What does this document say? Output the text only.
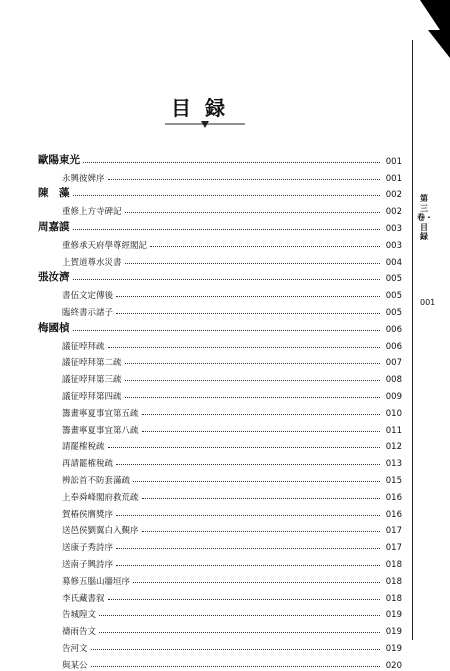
第三卷・目　録
001
目録
歐陽東光	001
永興彼婢序	001
陳　藻	002
重修上方寺碑記	002
周嘉謨	003
重修承天府學尊經閣記	003
上賀道尊水災書	004
張汝濟	005
書伍文定傳後	005
臨終書示諸子	005
梅國楨	006
議征哱拜疏	006
議征哱拜第二疏	007
議征哱拜第三疏	008
議征哱拜第四疏	009
籌畫寧夏事宜第五疏	010
籌畫寧夏事宜第八疏	011
請罷榷稅疏	012
再請罷榷稅疏	013
辨訟首不防套滿疏	015
上奉舜峰閣府救荒疏	016
賀椿侯膺獎序	016
送邑侯劉翼白入覲序	017
送康子秀詩序	017
送南子興詩序	018
募修五腦山牆垣序	018
李氏藏書叙	018
告城隍文	019
禱雨告文	019
告河文	019
與某公	020
